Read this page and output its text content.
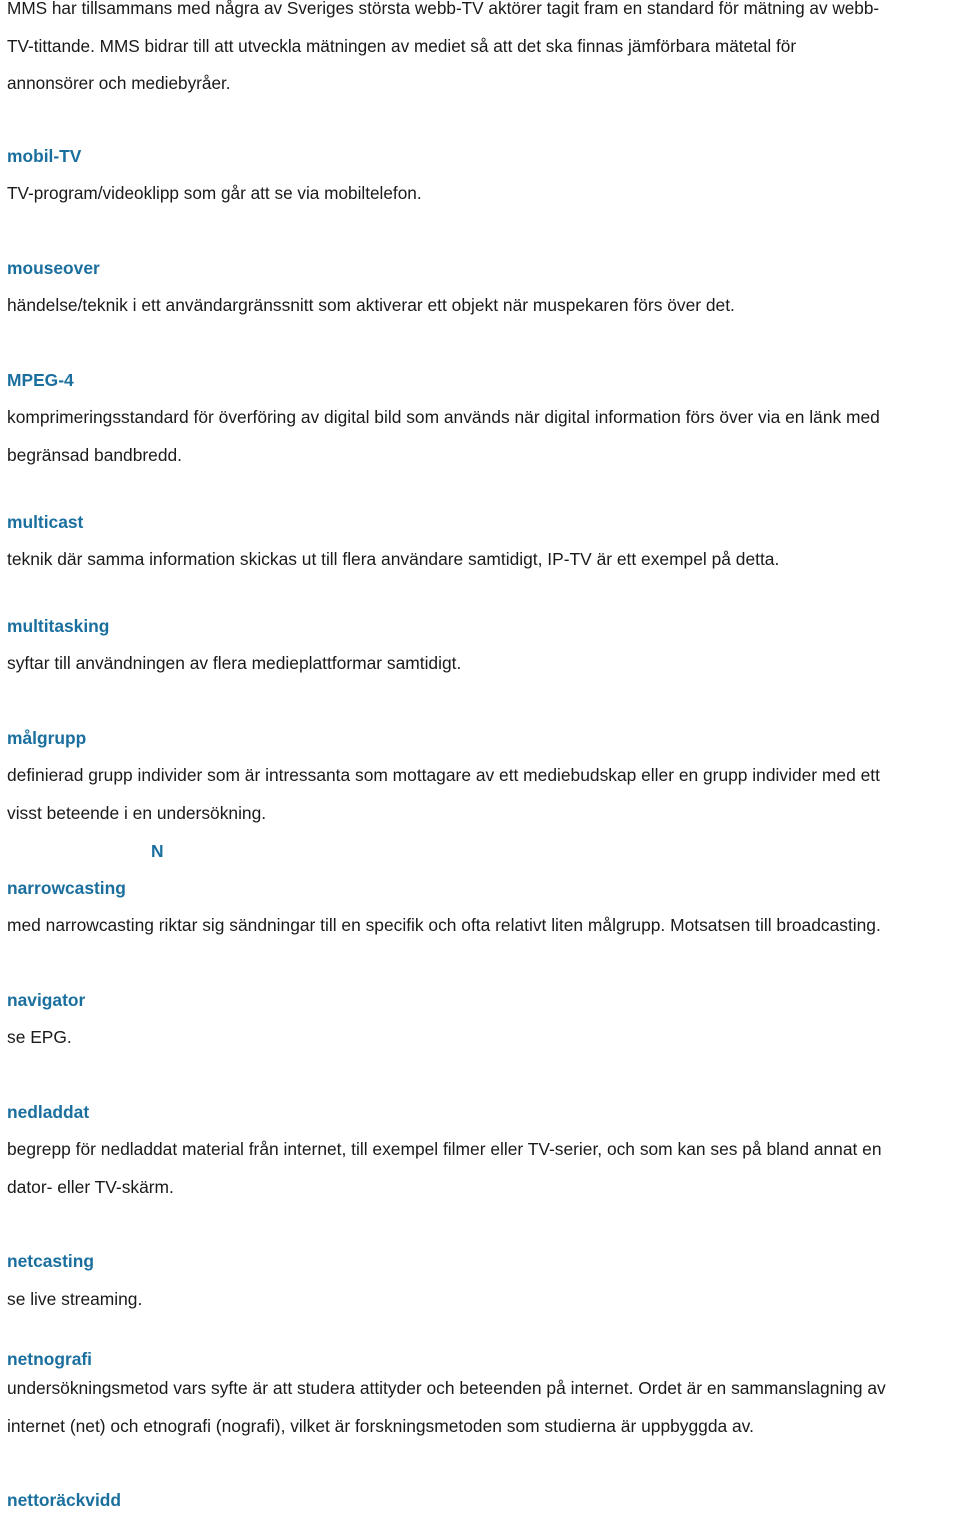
MMS har tillsammans med några av Sveriges största webb-TV aktörer tagit fram en standard för mätning av webb-
TV-tittande. MMS bidrar till att utveckla mätningen av mediet så att det ska finnas jämförbara mätetal för
annonsörer och mediebyråer.
mobil-TV
TV-program/videoklipp som går att se via mobiltelefon.
mouseover
händelse/teknik i ett användargränssnitt som aktiverar ett objekt när muspekaren förs över det.
MPEG-4
komprimeringsstandard för överföring av digital bild som används när digital information förs över via en länk med
begränsad bandbredd.
multicast
teknik där samma information skickas ut till flera användare samtidigt, IP-TV är ett exempel på detta.
multitasking
syftar till användningen av flera medieplattformar samtidigt.
målgrupp
definierad grupp individer som är intressanta som mottagare av ett mediebudskap eller en grupp individer med ett
visst beteende i en undersökning.
N
narrowcasting
med narrowcasting riktar sig sändningar till en specifik och ofta relativt liten målgrupp. Motsatsen till broadcasting.
navigator
se EPG.
nedladdat
begrepp för nedladdat material från internet, till exempel filmer eller TV-serier, och som kan ses på bland annat en
dator- eller TV-skärm.
netcasting
se live streaming.
netnografi
undersökningsmetod vars syfte är att studera attityder och beteenden på internet. Ordet är en sammanslagning av
internet (net) och etnografi (nografi), vilket är forskningsmetoden som studierna är uppbyggda av.
nettoräckvidd
